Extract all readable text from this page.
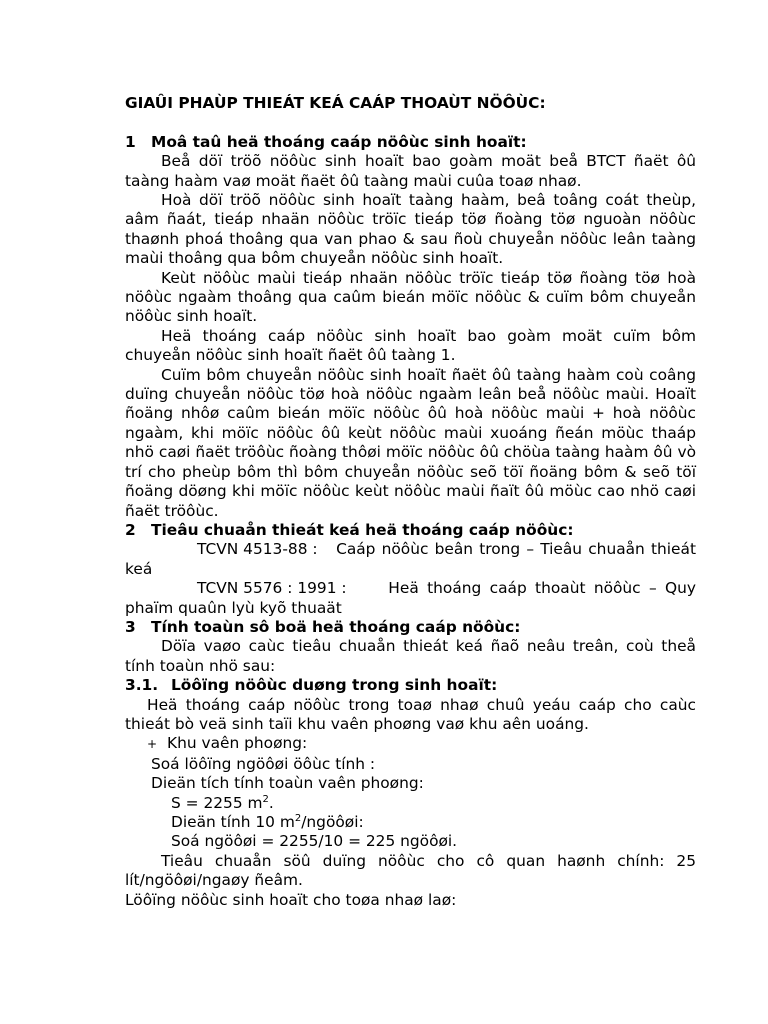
GIAÛI PHAÙP THIEÁT KEÁ CAÁP THOAÙT NÖÔÙC:

1 Moâ taû heä thoáng caáp nöôùc sinh hoaït:

Beå döï tröõ nöôùc sinh hoaït bao goàm moät beå BTCT ñaët ôû taàng haàm vaø moät ñaët ôû taàng maùi cuûa toaø nhaø.

Hoà döï tröõ nöôùc sinh hoaït taàng haàm, beâ toâng coát theùp, aâm ñaát, tieáp nhaän nöôùc tröïc tieáp töø ñoàng töø nguoàn nöôùc thaønh phoá thoâng qua van phao & sau ñoù chuyeån nöôùc leân taàng maùi thoâng qua bôm chuyeån nöôùc sinh hoaït.

Keùt nöôùc maùi tieáp nhaän nöôùc tröïc tieáp töø ñoàng töø hoà nöôùc ngaàm thoâng qua caûm bieán möïc nöôùc & cuïm bôm chuyeån nöôùc sinh hoaït.

Heä thoáng caáp nöôùc sinh hoaït bao goàm moät cuïm bôm chuyeån nöôùc sinh hoaït ñaët ôû taàng 1.

Cuïm bôm chuyeån nöôùc sinh hoaït ñaët ôû taàng haàm coù coâng duïng chuyeån nöôùc töø hoà nöôùc ngaàm leân beå nöôùc maùi. Hoaït ñoäng nhôø caûm bieán möïc nöôùc ôû hoà nöôùc maùi + hoà nöôùc ngaàm, khi möïc nöôùc ôû keùt nöôùc maùi xuoáng ñeán möùc thaáp nhö caøi ñaët tröôùc ñoàng thôøi möïc nöôùc ôû chöùa taàng haàm ôû vò trí cho pheùp bôm thì bôm chuyeån nöôùc seõ töï ñoäng bôm & seõ töï ñoäng döøng khi möïc nöôùc keùt nöôùc maùi ñaït ôû möùc cao nhö caøi ñaët tröôùc.

2 Tieâu chuaån thieát keá heä thoáng caáp nöôùc:

TCVN 4513-88 : Caáp nöôùc beân trong – Tieâu chuaån thieát keá

TCVN 5576 : 1991 :	Heä thoáng caáp thoaùt nöôùc – Quy phaïm quaûn lyù kyõ thuaät

3 Tính toaùn sô boä heä thoáng caáp nöôùc:

Döïa vaøo caùc tieâu chuaån thieát keá ñaõ neâu treân, coù theå tính toaùn nhö sau:

3.1. Löôïng nöôùc duøng trong sinh hoaït:

Heä thoáng caáp nöôùc trong toaø nhaø chuû yeáu caáp cho caùc thieát bò veä sinh taïi khu vaên phoøng vaø khu aên uoáng.

+ Khu vaên phoøng:

Soá löôïng ngöôøi öôùc tính :

Dieän tích tính toaùn vaên phoøng:

S = 2255 $m^2$.

Dieän tính 10 $m^2$/ngöôøi:

Soá ngöôøi = 2255/10 = 225 ngöôøi.

Tieâu chuaån söû duïng nöôùc cho cô quan haønh chính: 25 lít/ngöôøi/ngaøy ñeâm.

Löôïng nöôùc sinh hoaït cho toøa nhaø laø:
